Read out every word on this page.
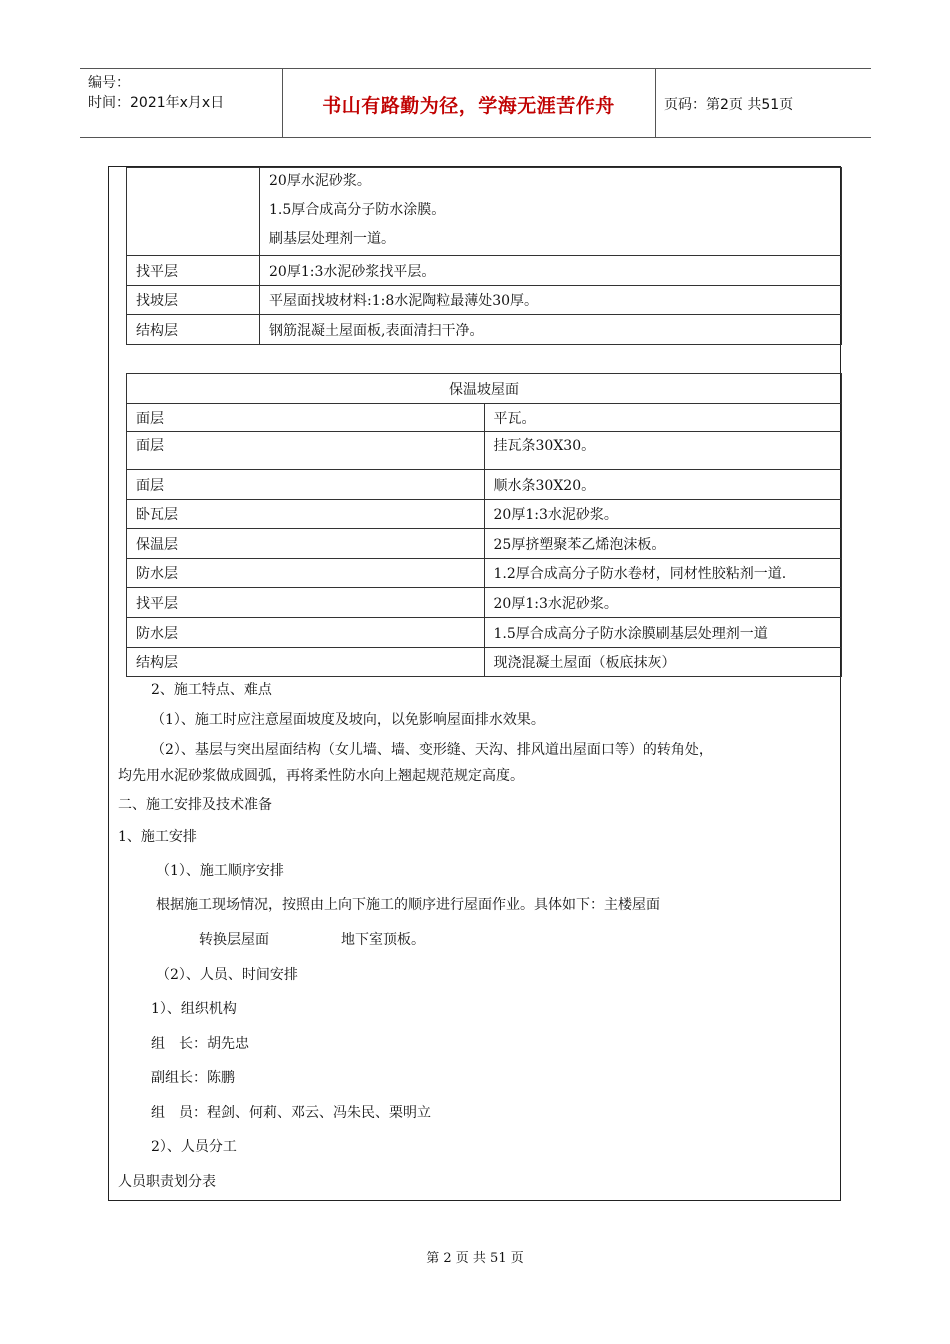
编号：
时间：2021年x月x日	书山有路勤为径，学海无涯苦作舟	页码：第2页 共51页

	20厚水泥砂浆。
1.5厚合成高分子防水涂膜。
刷基层处理剂一道。

找平层	20厚1:3水泥砂浆找平层。
找坡层	平屋面找坡材料:1:8水泥陶粒最薄处30厚。
结构层	钢筋混凝土屋面板,表面清扫干净。
保温坡屋面	
面层	平瓦。
面层	挂瓦条30X30。
面层	顺水条30X20。
卧瓦层	20厚1:3水泥砂浆。
保温层	25厚挤塑聚苯乙烯泡沫板。
防水层	1.2厚合成高分子防水卷材，同材性胶粘剂一道.
找平层	20厚1:3水泥砂浆。
防水层	1.5厚合成高分子防水涂膜刷基层处理剂一道
结构层	现浇混凝土屋面（板底抹灰）
2、施工特点、难点
（1）、施工时应注意屋面坡度及坡向，以免影响屋面排水效果。
（2）、基层与突出屋面结构（女儿墙、墙、变形缝、天沟、排风道出屋面口等）的转角处，
均先用水泥砂浆做成圆弧，再将柔性防水向上翘起规范规定高度。
二、施工安排及技术准备
1、施工安排
（1）、施工顺序安排
根据施工现场情况，按照由上向下施工的顺序进行屋面作业。具体如下：主楼屋面
转换层屋面	地下室顶板。
（2）、人员、时间安排
1）、组织机构
组　长：胡先忠
副组长：陈鹏
组　员：程剑、何莉、邓云、冯朱民、栗明立
2）、人员分工
人员职责划分表
第 2 页 共 51 页
